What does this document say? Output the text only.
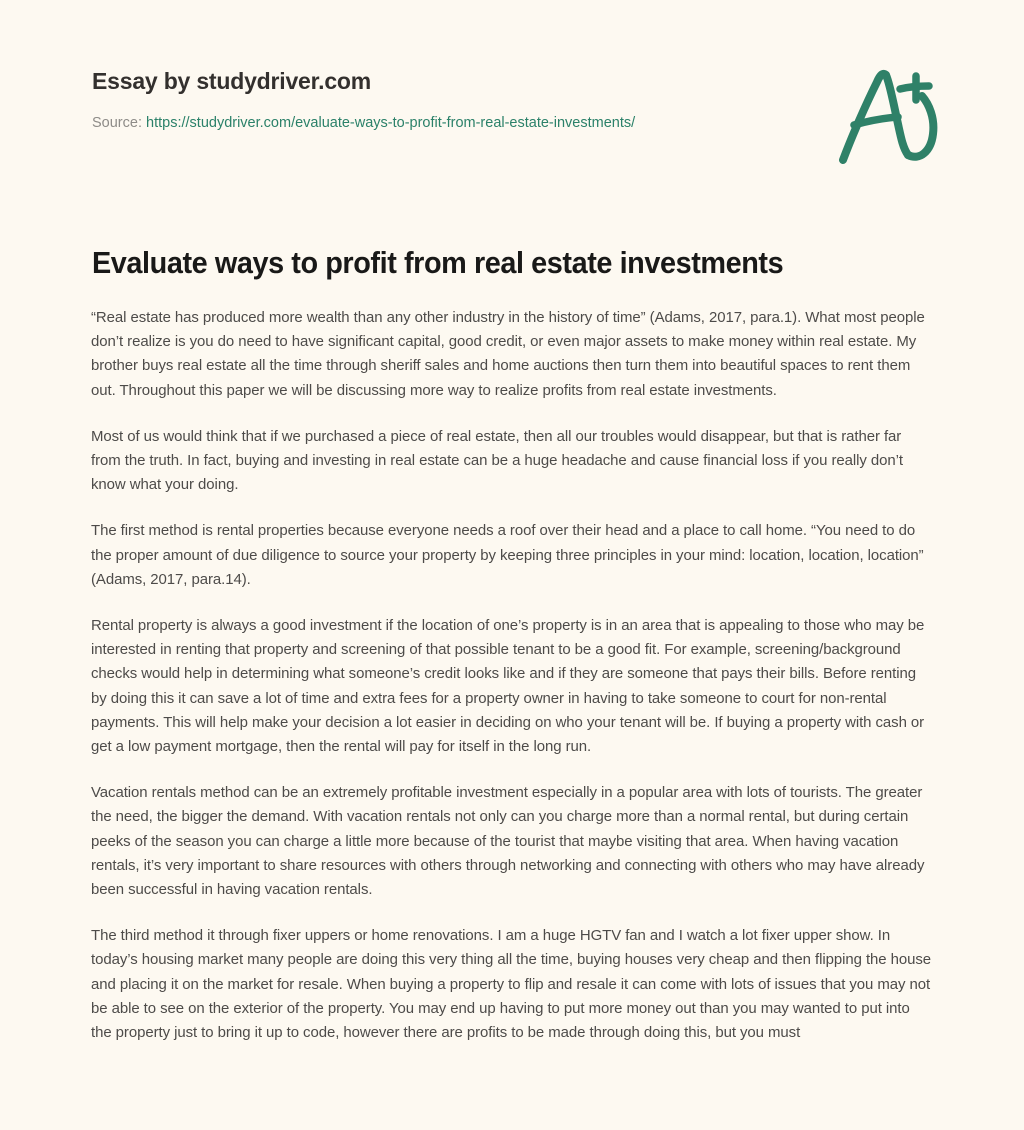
Essay by studydriver.com
Source: https://studydriver.com/evaluate-ways-to-profit-from-real-estate-investments/
Evaluate ways to profit from real estate investments

“Real estate has produced more wealth than any other industry in the history of time” (Adams, 2017, para.1). What most people don’t realize is you do need to have significant capital, good credit, or even major assets to make money within real estate. My brother buys real estate all the time through sheriff sales and home auctions then turn them into beautiful spaces to rent them out. Throughout this paper we will be discussing more way to realize profits from real estate investments.

Most of us would think that if we purchased a piece of real estate, then all our troubles would disappear, but that is rather far from the truth. In fact, buying and investing in real estate can be a huge headache and cause financial loss if you really don’t know what your doing.

The first method is rental properties because everyone needs a roof over their head and a place to call home. “You need to do the proper amount of due diligence to source your property by keeping three principles in your mind: location, location, location” (Adams, 2017, para.14).

Rental property is always a good investment if the location of one’s property is in an area that is appealing to those who may be interested in renting that property and screening of that possible tenant to be a good fit. For example, screening/background checks would help in determining what someone’s credit looks like and if they are someone that pays their bills. Before renting by doing this it can save a lot of time and extra fees for a property owner in having to take someone to court for non-rental payments. This will help make your decision a lot easier in deciding on who your tenant will be. If buying a property with cash or get a low payment mortgage, then the rental will pay for itself in the long run.

Vacation rentals method can be an extremely profitable investment especially in a popular area with lots of tourists. The greater the need, the bigger the demand. With vacation rentals not only can you charge more than a normal rental, but during certain peeks of the season you can charge a little more because of the tourist that maybe visiting that area. When having vacation rentals, it’s very important to share resources with others through networking and connecting with others who may have already been successful in having vacation rentals.

The third method it through fixer uppers or home renovations. I am a huge HGTV fan and I watch a lot fixer upper show. In today’s housing market many people are doing this very thing all the time, buying houses very cheap and then flipping the house and placing it on the market for resale. When buying a property to flip and resale it can come with lots of issues that you may not be able to see on the exterior of the property. You may end up having to put more money out than you may wanted to put into the property just to bring it up to code, however there are profits to be made through doing this, but you must
